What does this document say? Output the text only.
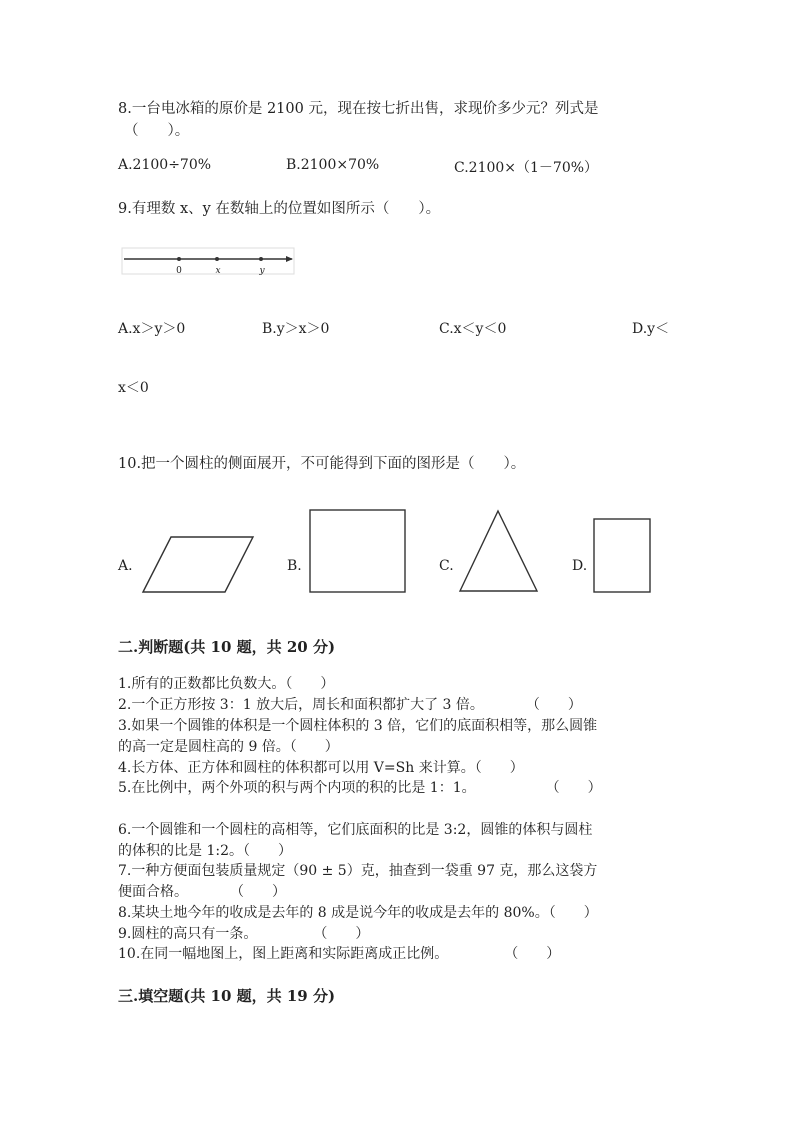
8.一台电冰箱的原价是 2100 元，现在按七折出售，求现价多少元？列式是
（　　）。
A.2100÷70%	B.2100×70%	C.2100×（1－70%）
9.有理数 x、y 在数轴上的位置如图所示（　　）。
0	x	y
A.x＞y＞0	B.y＞x＞0	C.x＜y＜0	D.y＜
x＜0
10.把一个圆柱的侧面展开，不可能得到下面的图形是（　　）。
A.	B.	C.	D.
二.判断题(共 10 题，共 20 分)
1.所有的正数都比负数大。（　　）
2.一个正方形按 3：1 放大后，周长和面积都扩大了 3 倍。　　　　（　　）
3.如果一个圆锥的体积是一个圆柱体积的 3 倍，它们的底面积相等，那么圆锥
的高一定是圆柱高的 9 倍。（　　）
4.长方体、正方体和圆柱的体积都可以用 V=Sh 来计算。（　　）
5.在比例中，两个外项的积与两个内项的积的比是 1：1。　　　　　　（　　）
6.一个圆锥和一个圆柱的高相等，它们底面积的比是 3:2，圆锥的体积与圆柱
的体积的比是 1:2。（　　）
7.一种方便面包装质量规定（90 ± 5）克，抽查到一袋重 97 克，那么这袋方
便面合格。　　　　（　　）
8.某块土地今年的收成是去年的 8 成是说今年的收成是去年的 80%。（　　）
9.圆柱的高只有一条。　　　　　（　　）
10.在同一幅地图上，图上距离和实际距离成正比例。　　　　　（　　）
三.填空题(共 10 题，共 19 分)
